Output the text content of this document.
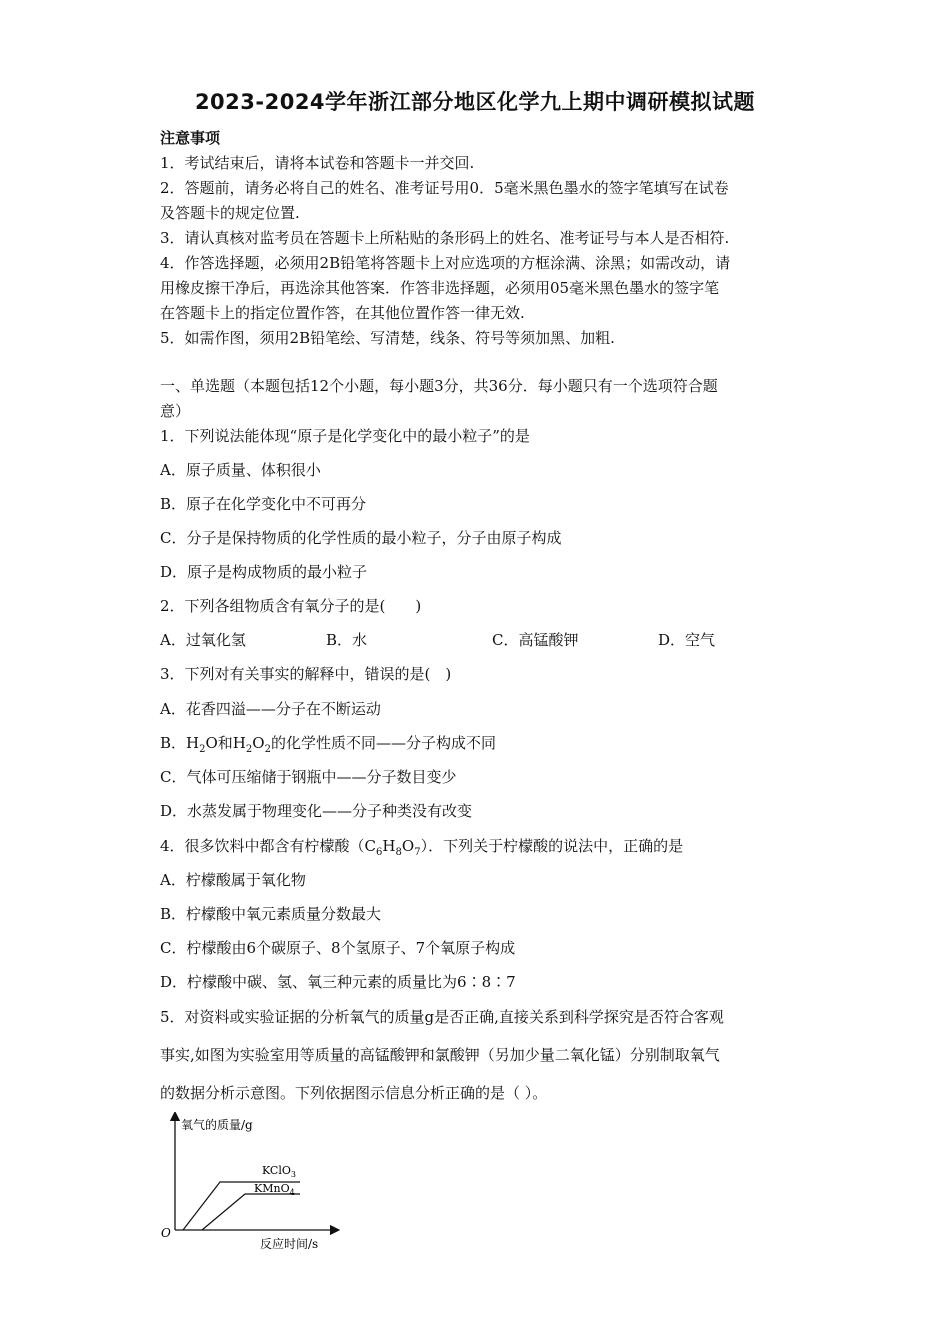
2023-2024学年浙江部分地区化学九上期中调研模拟试题
注意事项
1．考试结束后，请将本试卷和答题卡一并交回.
2．答题前，请务必将自己的姓名、准考证号用0．5毫米黑色墨水的签字笔填写在试卷
及答题卡的规定位置.
3．请认真核对监考员在答题卡上所粘贴的条形码上的姓名、准考证号与本人是否相符.
4．作答选择题，必须用2B铅笔将答题卡上对应选项的方框涂满、涂黑；如需改动，请
用橡皮擦干净后，再选涂其他答案．作答非选择题，必须用05毫米黑色墨水的签字笔
在答题卡上的指定位置作答，在其他位置作答一律无效.
5．如需作图，须用2B铅笔绘、写清楚，线条、符号等须加黑、加粗.
一、单选题（本题包括12个小题，每小题3分，共36分．每小题只有一个选项符合题
意）
1．下列说法能体现“原子是化学变化中的最小粒子”的是
A．原子质量、体积很小
B．原子在化学变化中不可再分
C．分子是保持物质的化学性质的最小粒子，分子由原子构成
D．原子是构成物质的最小粒子
2．下列各组物质含有氧分子的是(　　)
A．过氧化氢	B．水	C．高锰酸钾	D．空气
3．下列对有关事实的解释中，错误的是(　)
A．花香四溢——分子在不断运动
B．$H_2O$和$H_2O_2$的化学性质不同——分子构成不同
C．气体可压缩储于钢瓶中——分子数目变少
D．水蒸发属于物理变化——分子种类没有改变
4．很多饮料中都含有柠檬酸$(C_6H_8O_7)$．下列关于柠檬酸的说法中，正确的是
A．柠檬酸属于氧化物
B．柠檬酸中氧元素质量分数最大
C．柠檬酸由6个碳原子、8个氢原子、7个氧原子构成
D．柠檬酸中碳、氢、氧三种元素的质量比为6∶8∶7
5．对资料或实验证据的分析氧气的质量g是否正确,直接关系到科学探究是否符合客观
事实,如图为实验室用等质量的高锰酸钾和氯酸钾（另加少量二氧化锰）分别制取氧气
的数据分析示意图。下列依据图示信息分析正确的是（ ）。
氧气的质量/g
反应时间/s
O
KClO$_3$
KMnO$_4$
